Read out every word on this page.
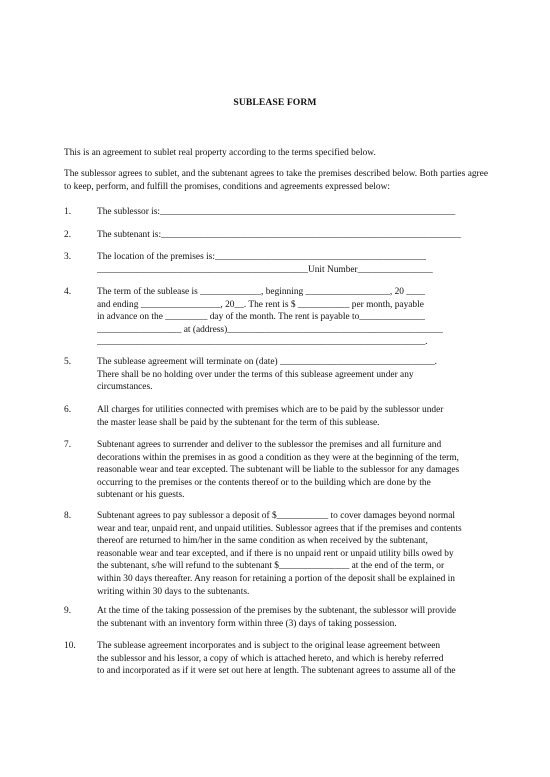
SUBLEASE FORM

This is an agreement to sublet real property according to the terms specified below.

The sublessor agrees to sublet, and the subtenant agrees to take the premises described below. Both parties agree to keep, perform, and fulfill the promises, conditions and agreements expressed below:

1.	The sublessor is:_______________________________________________________________
2.	The subtenant is:________________________________________________________________
3.	The location of the premises is:_____________________________________________
_____________________________________________Unit Number________________
4.	The term of the sublease is _____________, beginning __________________, 20 ____
and ending _________________, 20__. The rent is $ ___________ per month, payable
in advance on the _________ day of the month. The rent is payable to______________
__________________ at (address)______________________________________________
______________________________________________________________________.
5.	The sublease agreement will terminate on (date) _________________________________.
There shall be no holding over under the terms of this sublease agreement under any
circumstances.
6.	All charges for utilities connected with premises which are to be paid by the sublessor under
the master lease shall be paid by the subtenant for the term of this sublease.
7.	Subtenant agrees to surrender and deliver to the sublessor the premises and all furniture and
decorations within the premises in as good a condition as they were at the beginning of the term,
reasonable wear and tear excepted. The subtenant will be liable to the sublessor for any damages
occurring to the premises or the contents thereof or to the building which are done by the
subtenant or his guests.
8.	Subtenant agrees to pay sublessor a deposit of $___________ to cover damages beyond normal
wear and tear, unpaid rent, and unpaid utilities. Sublessor agrees that if the premises and contents
thereof are returned to him/her in the same condition as when received by the subtenant,
reasonable wear and tear excepted, and if there is no unpaid rent or unpaid utility bills owed by
the subtenant, s/he will refund to the subtenant $_______________ at the end of the term, or
within 30 days thereafter. Any reason for retaining a portion of the deposit shall be explained in
writing within 30 days to the subtenants.
9.	At the time of the taking possession of the premises by the subtenant, the sublessor will provide
the subtenant with an inventory form within three (3) days of taking possession.
10. The sublease agreement incorporates and is subject to the original lease agreement between
the sublessor and his lessor, a copy of which is attached hereto, and which is hereby referred
to and incorporated as if it were set out here at length. The subtenant agrees to assume all of the
